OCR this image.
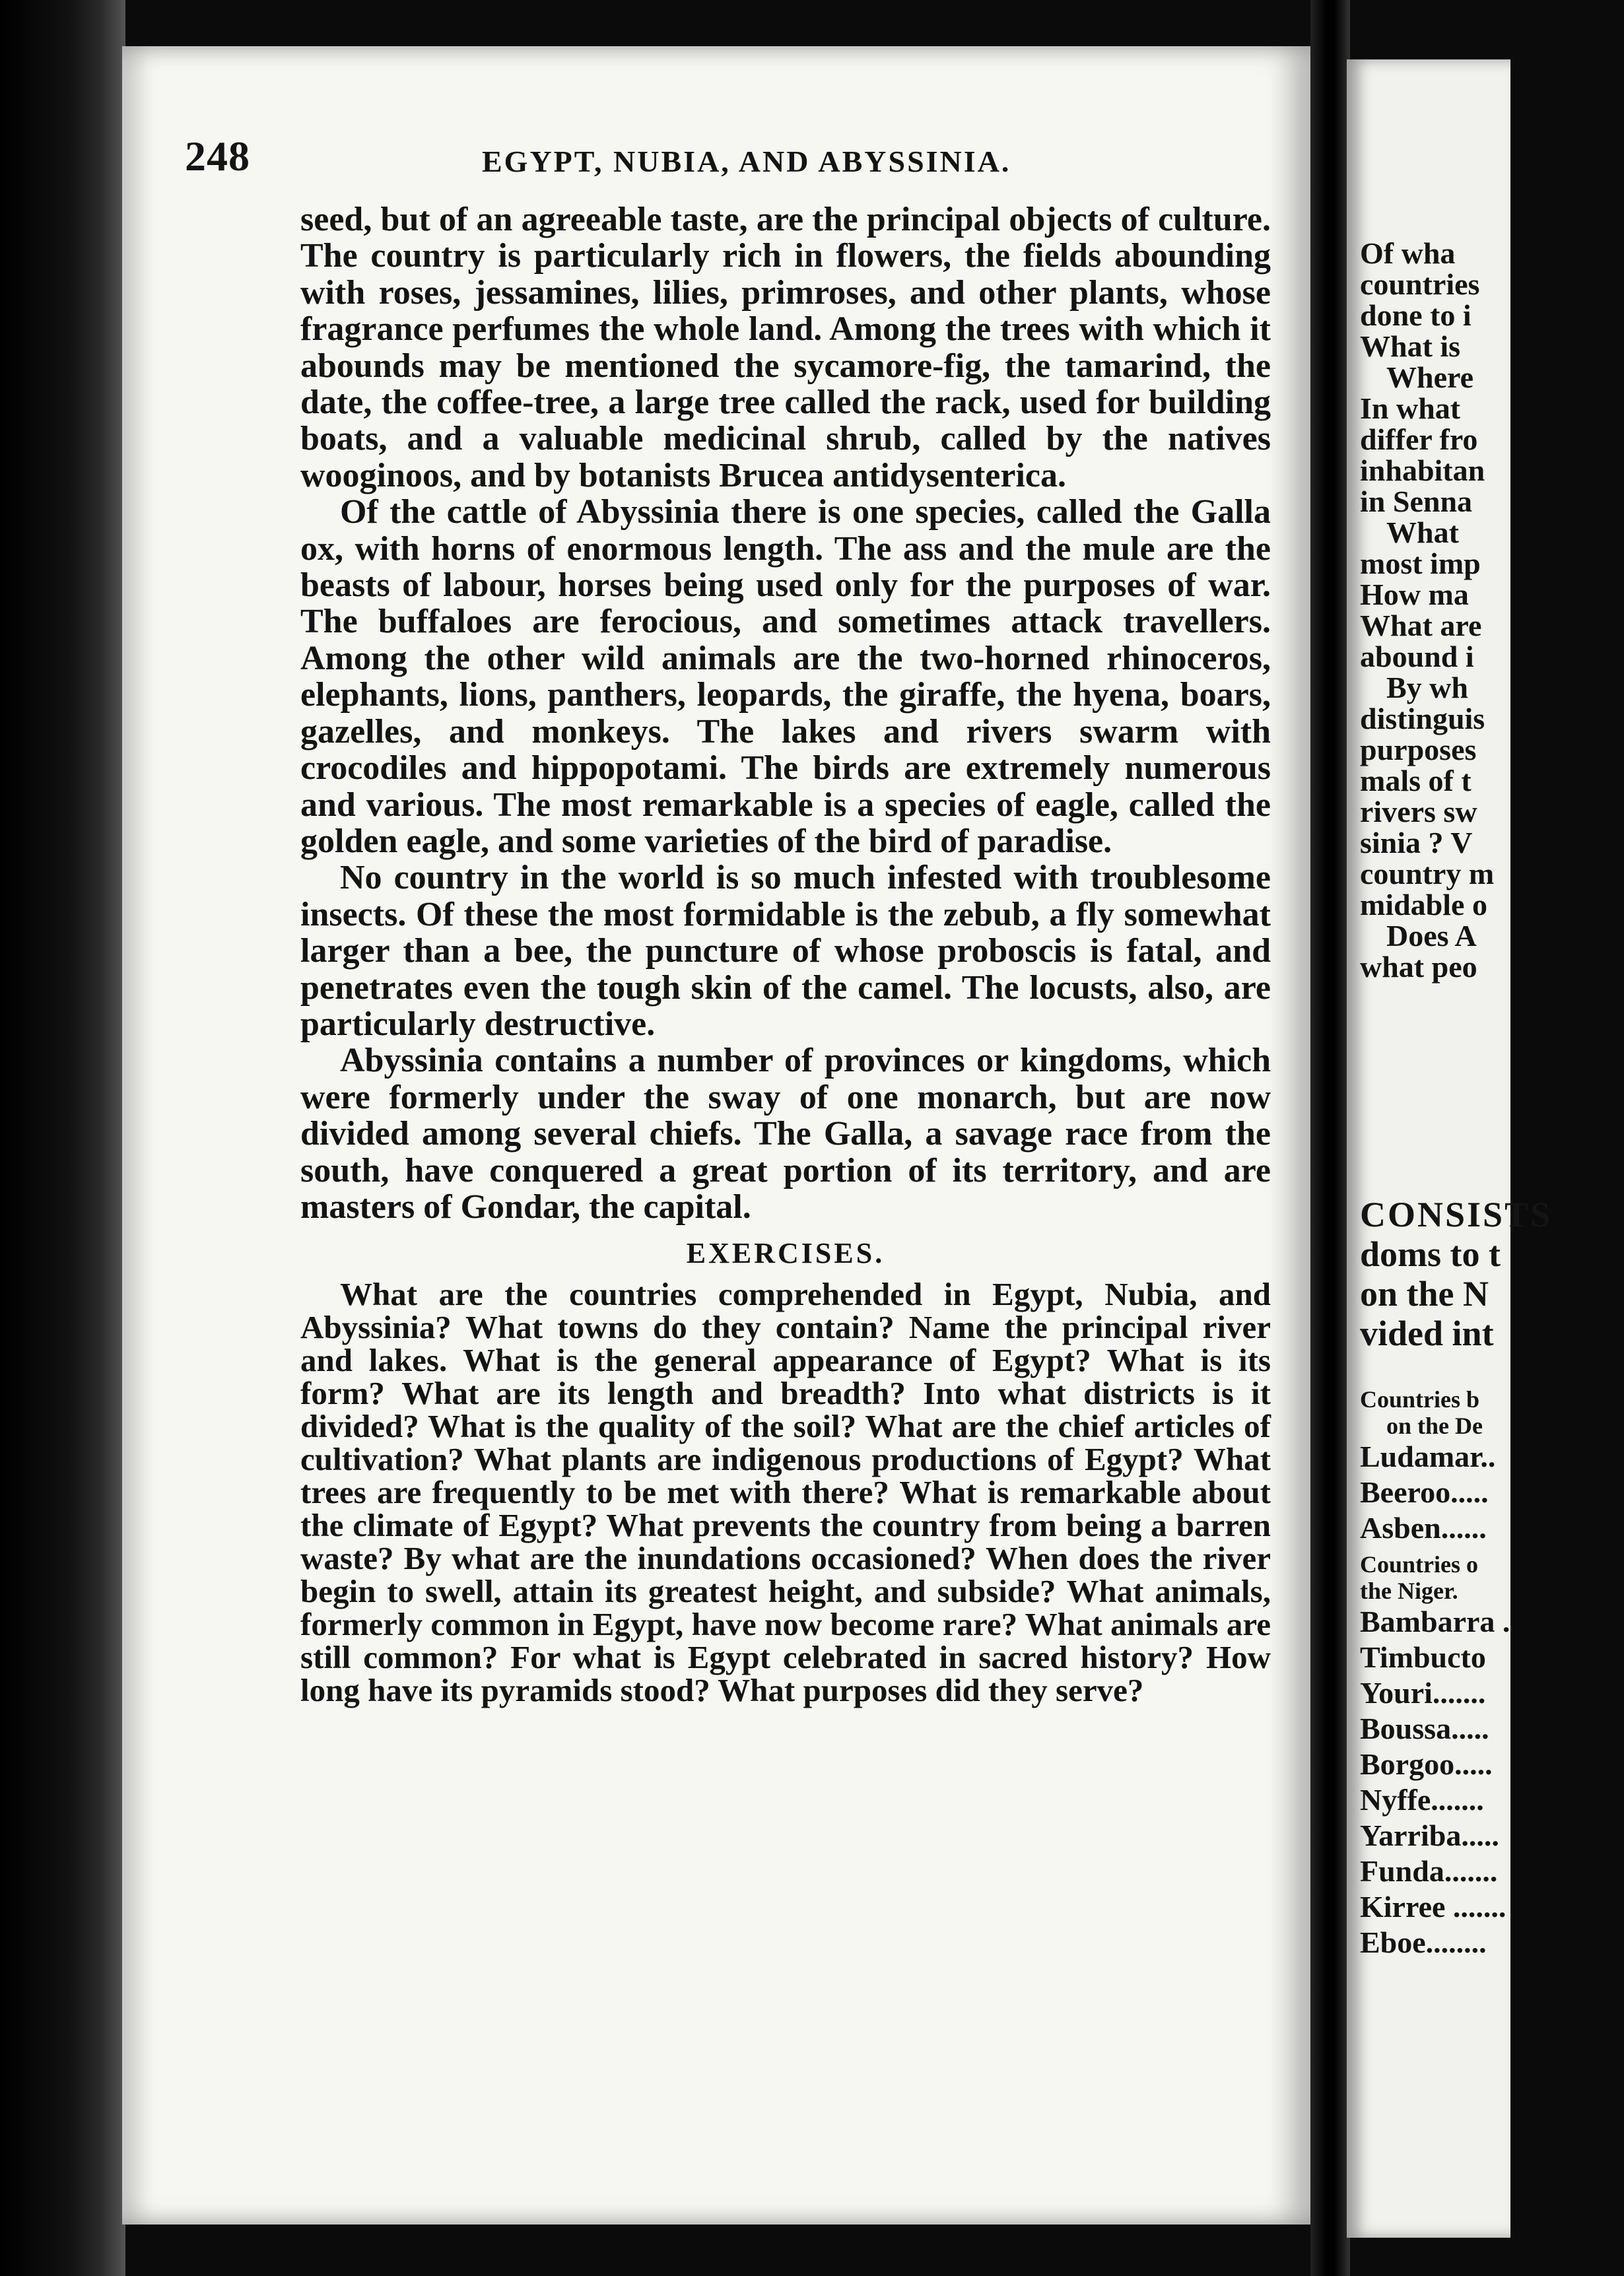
248	EGYPT, NUBIA, AND ABYSSINIA.

seed, but of an agreeable taste, are the principal objects of culture. The country is particularly rich in flowers, the fields abounding with roses, jessamines, lilies, primroses, and other plants, whose fragrance perfumes the whole land. Among the trees with which it abounds may be mentioned the sycamore-fig, the tamarind, the date, the coffee-tree, a large tree called the rack, used for building boats, and a valuable medicinal shrub, called by the natives wooginoos, and by botanists Brucea antidysenterica.

Of the cattle of Abyssinia there is one species, called the Galla ox, with horns of enormous length. The ass and the mule are the beasts of labour, horses being used only for the purposes of war. The buffaloes are ferocious, and sometimes attack travellers. Among the other wild animals are the two-horned rhinoceros, elephants, lions, panthers, leopards, the giraffe, the hyena, boars, gazelles, and monkeys. The lakes and rivers swarm with crocodiles and hippopotami. The birds are extremely numerous and various. The most remarkable is a species of eagle, called the golden eagle, and some varieties of the bird of paradise.

No country in the world is so much infested with troublesome insects. Of these the most formidable is the zebub, a fly somewhat larger than a bee, the puncture of whose proboscis is fatal, and penetrates even the tough skin of the camel. The locusts, also, are particularly destructive.

Abyssinia contains a number of provinces or kingdoms, which were formerly under the sway of one monarch, but are now divided among several chiefs. The Galla, a savage race from the south, have conquered a great portion of its territory, and are masters of Gondar, the capital.

EXERCISES.

What are the countries comprehended in Egypt, Nubia, and Abyssinia? What towns do they contain? Name the principal river and lakes. What is the general appearance of Egypt? What is its form? What are its length and breadth? Into what districts is it divided? What is the quality of the soil? What are the chief articles of cultivation? What plants are indigenous productions of Egypt? What trees are frequently to be met with there? What is remarkable about the climate of Egypt? What prevents the country from being a barren waste? By what are the inundations occasioned? When does the river begin to swell, attain its greatest height, and subside? What animals, formerly common in Egypt, have now become rare? What animals are still common? For what is Egypt celebrated in sacred history? How long have its pyramids stood? What purposes did they serve?

Of wha
countries
done to i
What is
Where
In what
differ fro
inhabitan
in Senna
What
most imp
How ma
What are
abound i
By wh
distinguis
purposes
mals of t
rivers sw
sinia ? V
country m
midable o
Does A
what peo
CONSISTS
doms to t
on the N
vided int
Countries b
on the De
Ludamar..
Beeroo.....
Asben......
Countries o
the Niger.
Bambarra .
Timbucto
Youri.......
Boussa.....
Borgoo.....
Nyffe.......
Yarriba.....
Funda.......
Kirree .......
Eboe........
